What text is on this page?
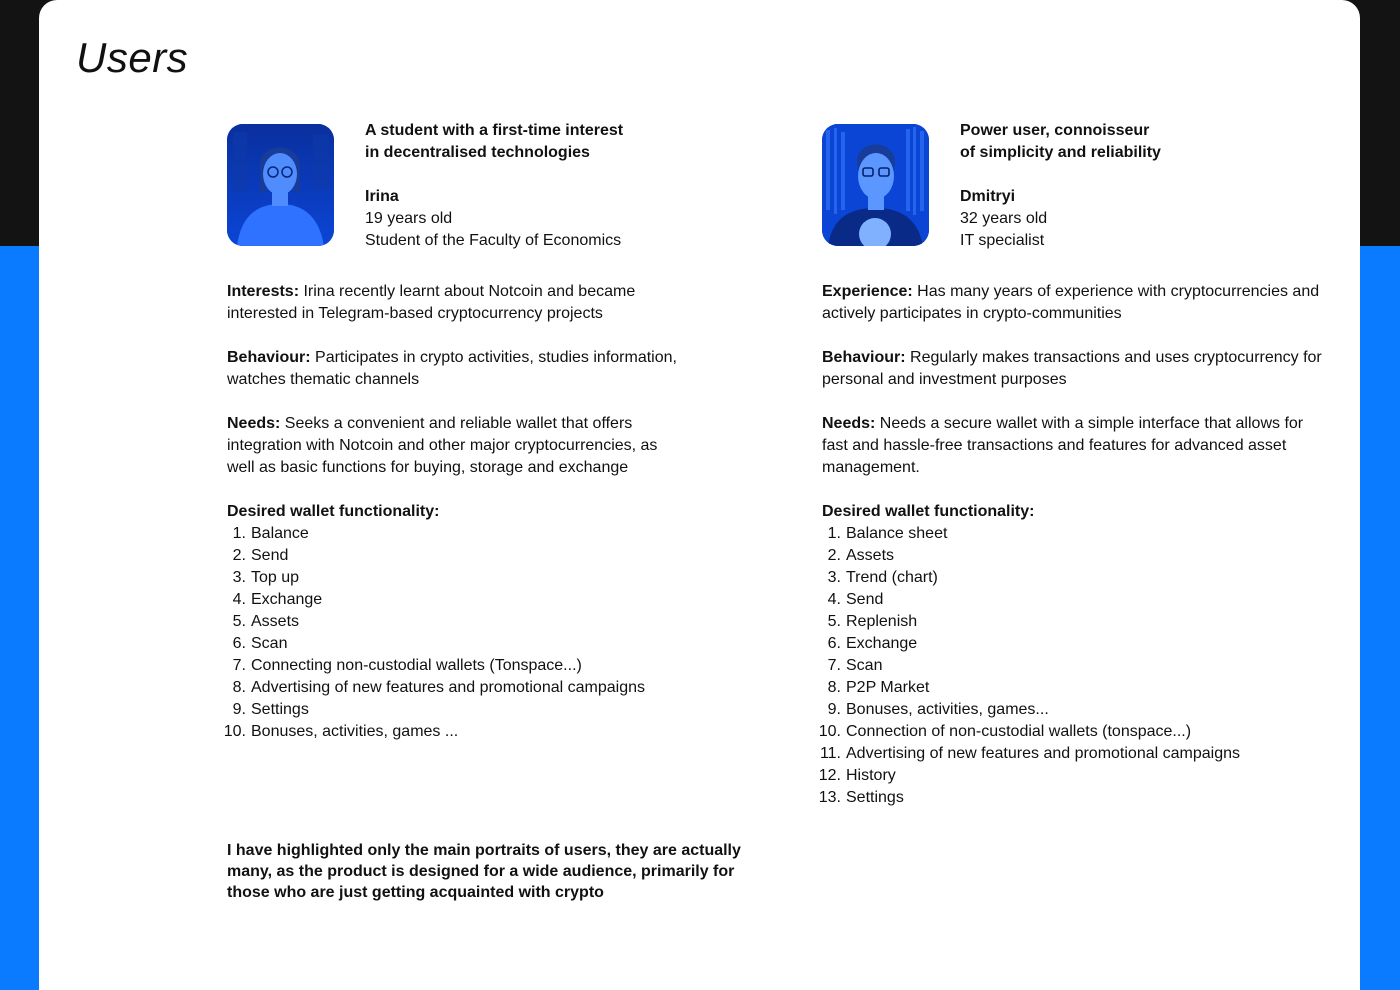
Users
A student with a first-time interest
in decentralised technologies
Irina
19 years old
Student of the Faculty of Economics

Interests: Irina recently learnt about Notcoin and became interested in Telegram-based cryptocurrency projects

Behaviour: Participates in crypto activities, studies information, watches thematic channels

Needs: Seeks a convenient and reliable wallet that offers integration with Notcoin and other major cryptocurrencies, as well as basic functions for buying, storage and exchange

Desired wallet functionality:

1. Balance
2. Send
3. Top up
4. Exchange
5. Assets
6. Scan
7. Connecting non-custodial wallets (Tonspace...)
8. Advertising of new features and promotional campaigns
9. Settings
10. Bonuses, activities, games ...
Power user, connoisseur
of simplicity and reliability
Dmitryi
32 years old
IT specialist

Experience: Has many years of experience with cryptocurrencies and actively participates in crypto-communities

Behaviour: Regularly makes transactions and uses cryptocurrency for personal and investment purposes

Needs: Needs a secure wallet with a simple interface that allows for fast and hassle-free transactions and features for advanced asset management.

Desired wallet functionality:

1. Balance sheet
2. Assets
3. Trend (chart)
4. Send
5. Replenish
6. Exchange
7. Scan
8. P2P Market
9. Bonuses, activities, games...
10. Connection of non-custodial wallets (tonspace...)
11. Advertising of new features and promotional campaigns
12. History
13. Settings

I have highlighted only the main portraits of users, they are actually many, as the product is designed for a wide audience, primarily for those who are just getting acquainted with crypto
